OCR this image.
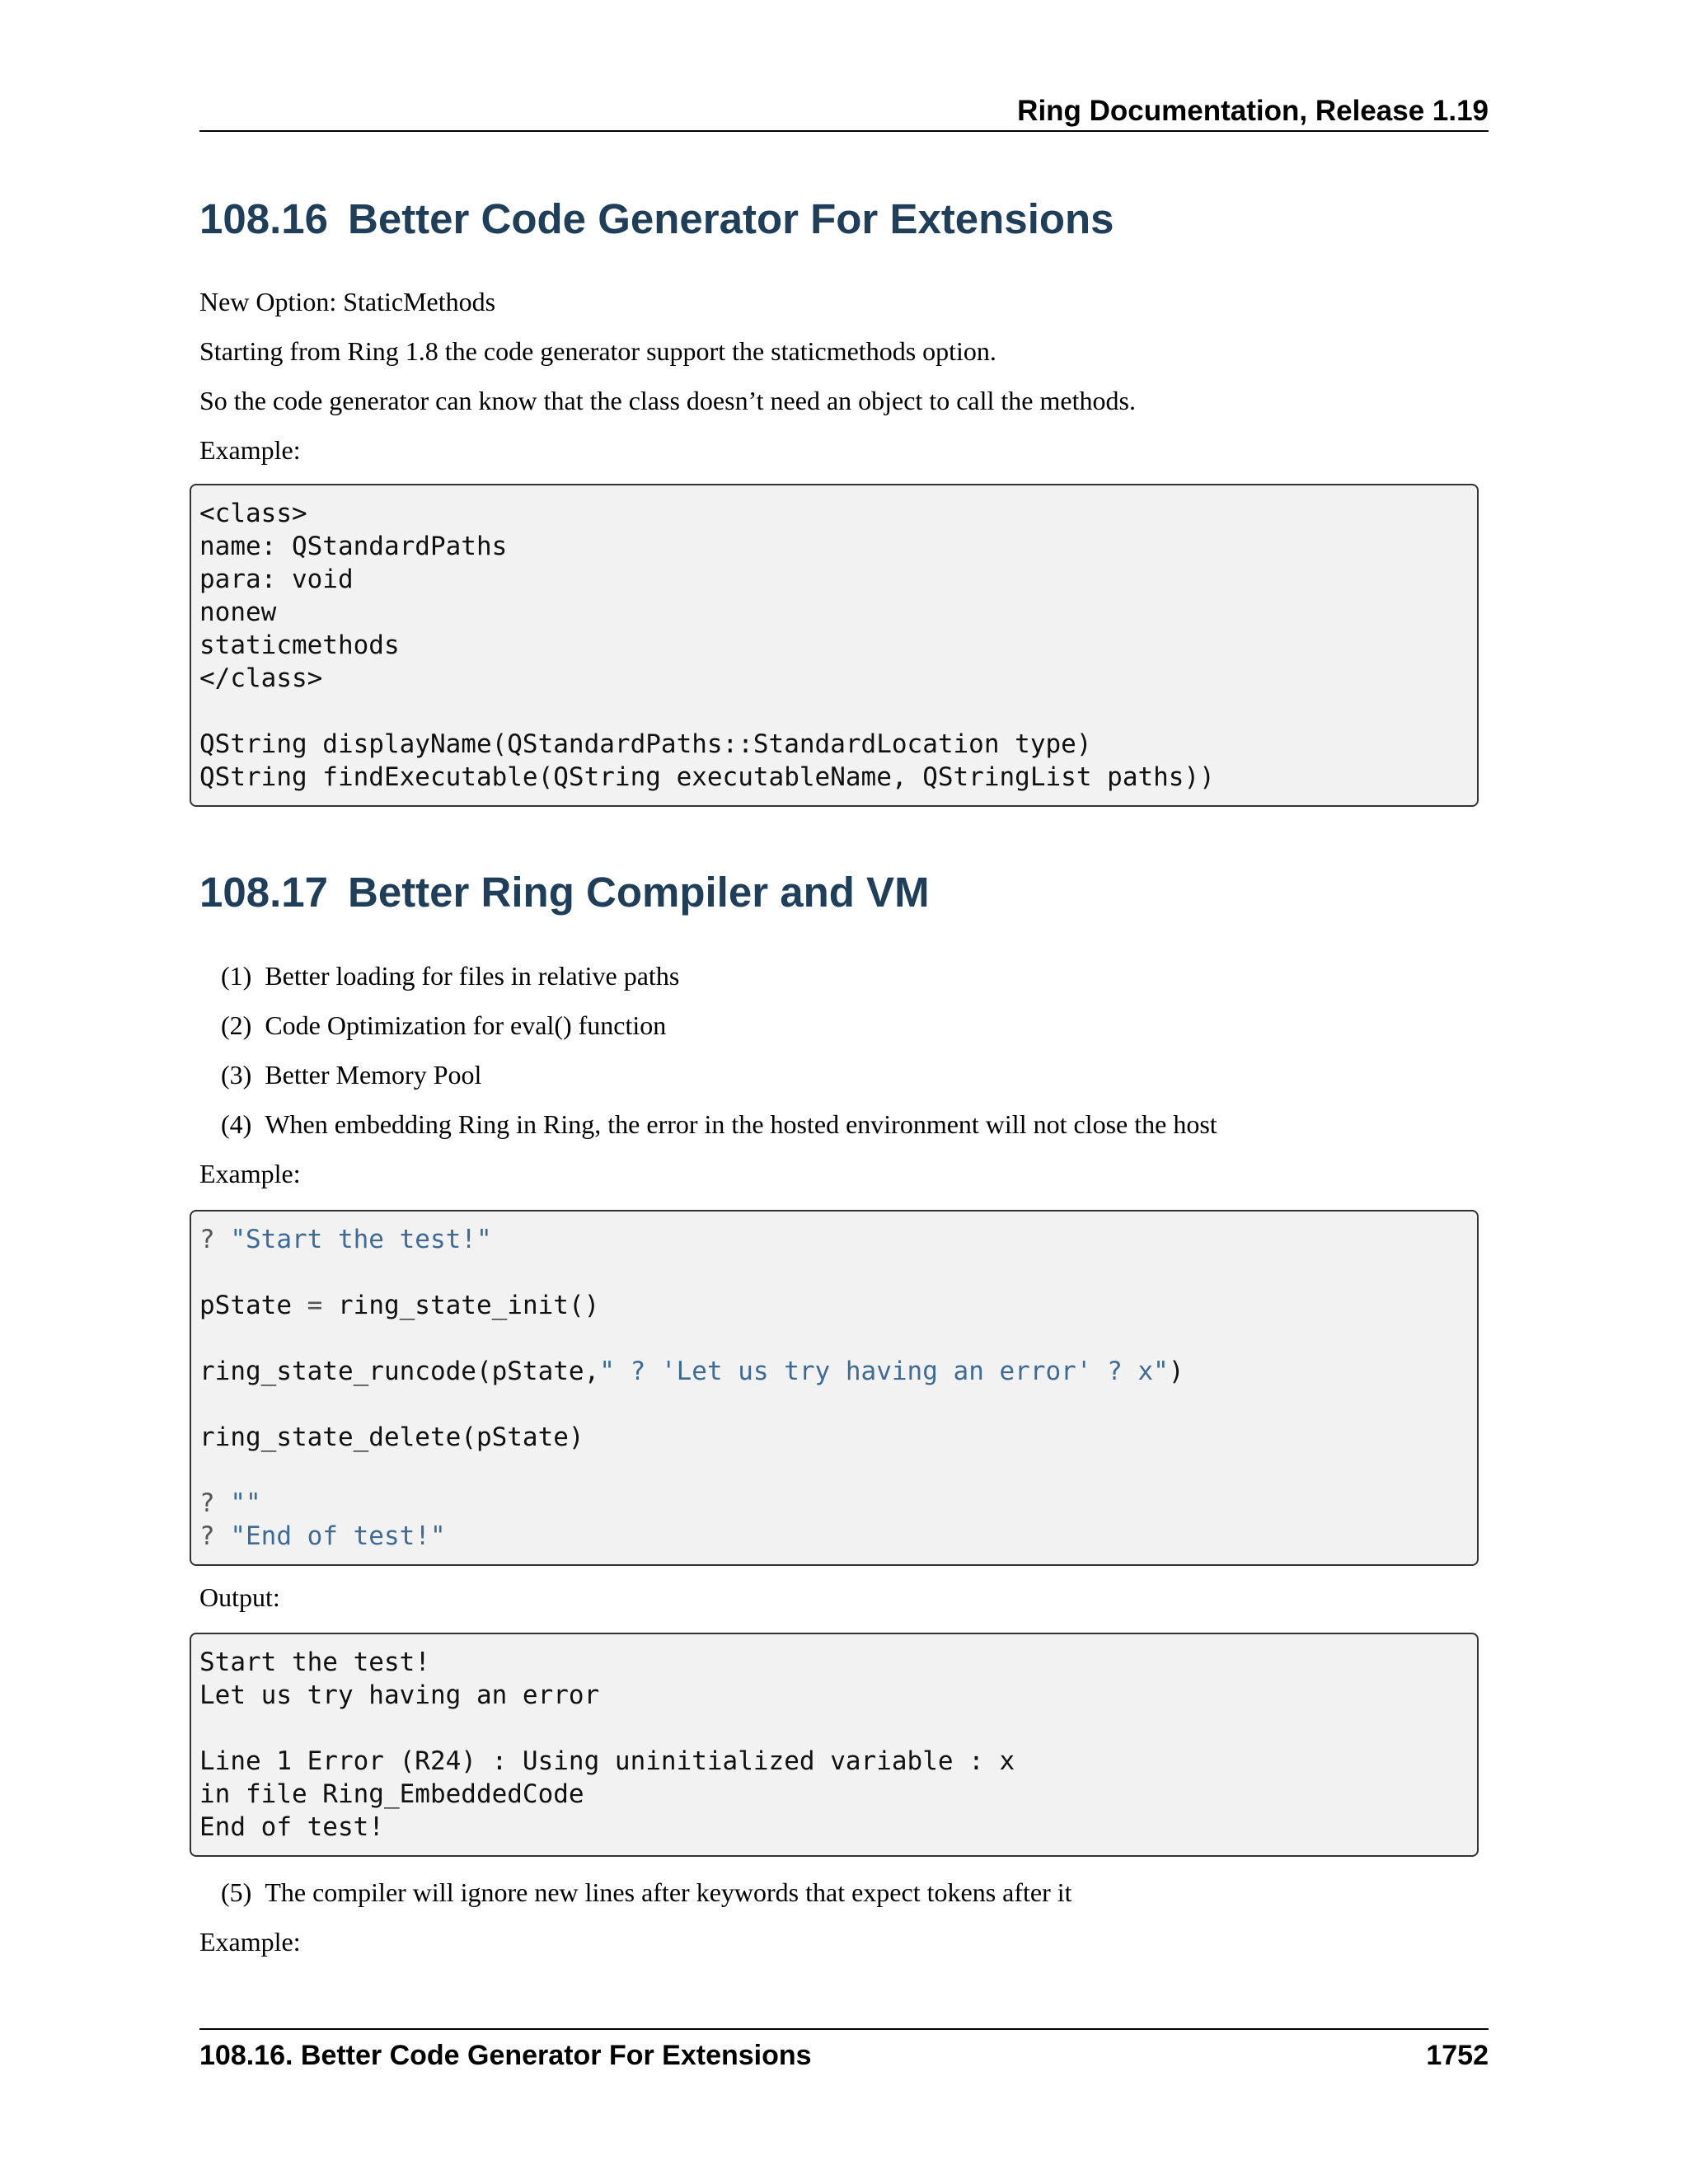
Ring Documentation, Release 1.19
108.16 Better Code Generator For Extensions

New Option: StaticMethods

Starting from Ring 1.8 the code generator support the staticmethods option.

So the code generator can know that the class doesn’t need an object to call the methods.

Example:

<class>
name: QStandardPaths
para: void
nonew
staticmethods
</class>
QString displayName(QStandardPaths::StandardLocation type)
QString findExecutable(QString executableName, QStringList paths))
108.17 Better Ring Compiler and VM

(1) Better loading for files in relative paths

(2) Code Optimization for eval() function

(3) Better Memory Pool

(4) When embedding Ring in Ring, the error in the hosted environment will not close the host

Example:

? "Start the test!"
pState = ring_state_init()
ring_state_runcode(pState," ? 'Let us try having an error' ? x")
ring_state_delete(pState)
? ""
? "End of test!"

Output:

Start the test!
Let us try having an error
Line 1 Error (R24) : Using uninitialized variable : x
in file Ring_EmbeddedCode
End of test!

(5) The compiler will ignore new lines after keywords that expect tokens after it

Example:

108.16. Better Code Generator For Extensions	1752
